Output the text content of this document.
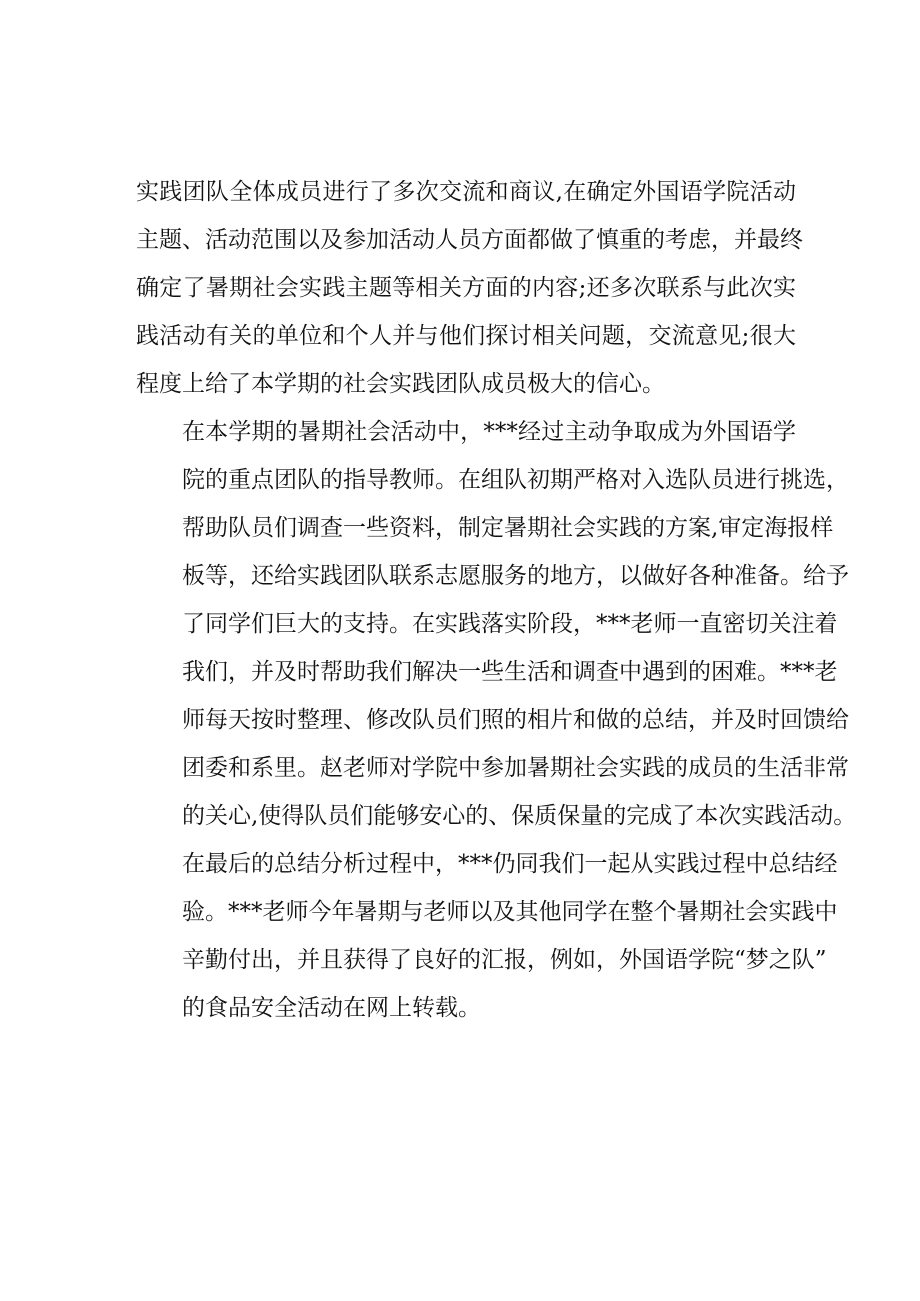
实践团队全体成员进行了多次交流和商议,在确定外国语学院活动
主题、活动范围以及参加活动人员方面都做了慎重的考虑，并最终
确定了暑期社会实践主题等相关方面的内容;还多次联系与此次实
践活动有关的单位和个人并与他们探讨相关问题，交流意见;很大
程度上给了本学期的社会实践团队成员极大的信心。

在本学期的暑期社会活动中，***经过主动争取成为外国语学
院的重点团队的指导教师。在组队初期严格对入选队员进行挑选，
帮助队员们调查一些资料，制定暑期社会实践的方案,审定海报样
板等，还给实践团队联系志愿服务的地方，以做好各种准备。给予
了同学们巨大的支持。在实践落实阶段，***老师一直密切关注着
我们，并及时帮助我们解决一些生活和调查中遇到的困难。***老
师每天按时整理、修改队员们照的相片和做的总结，并及时回馈给
团委和系里。赵老师对学院中参加暑期社会实践的成员的生活非常
的关心,使得队员们能够安心的、保质保量的完成了本次实践活动。
在最后的总结分析过程中，***仍同我们一起从实践过程中总结经
验。***老师今年暑期与老师以及其他同学在整个暑期社会实践中
辛勤付出，并且获得了良好的汇报，例如，外国语学院“梦之队”
的食品安全活动在网上转载。
